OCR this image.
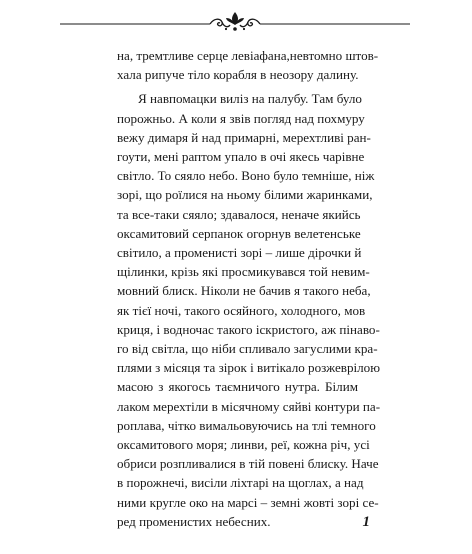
на, тремтливе серце левіафана,невтомно штов-
хала рипуче тіло корабля в неозору далину.

Я навпомацки виліз на палубу. Там було
порожньо. А коли я звів погляд над похмуру
вежу димаря й над примарні, мерехтливі ран-
гоути, мені раптом упало в очі якесь чарівне
світло. То сяяло небо. Воно було темніше, ніж
зорі, що роїлися на ньому білими жаринками,
та все-таки сяяло; здавалося, неначе якийсь
оксамитовий серпанок огорнув велетенське
світило, а променисті зорі – лише дірочки й
щілинки, крізь які просмикувався той невим-
мовний блиск. Ніколи не бачив я такого неба,
як тієї ночі, такого осяйного, холодного, мов
криця, і водночас такого іскристого, аж пінаво-
го від світла, що ніби спливало загуслими кра-
плями з місяця та зірок і витікало розжеврілою
масою з якогось таємничого нутра. Білим
лаком мерехтіли в місячному сяйві контури па-
роплава, чітко вимальовуючись на тлі темного
оксамитового моря; линви, реї, кожна річ, усі
обриси розпливалися в тій повені блиску. Наче
в порожнечі, висіли ліхтарі на щоглах, а над
ними кругле око на марсі – земні жовті зорі се-
ред променистих небесних.	1
